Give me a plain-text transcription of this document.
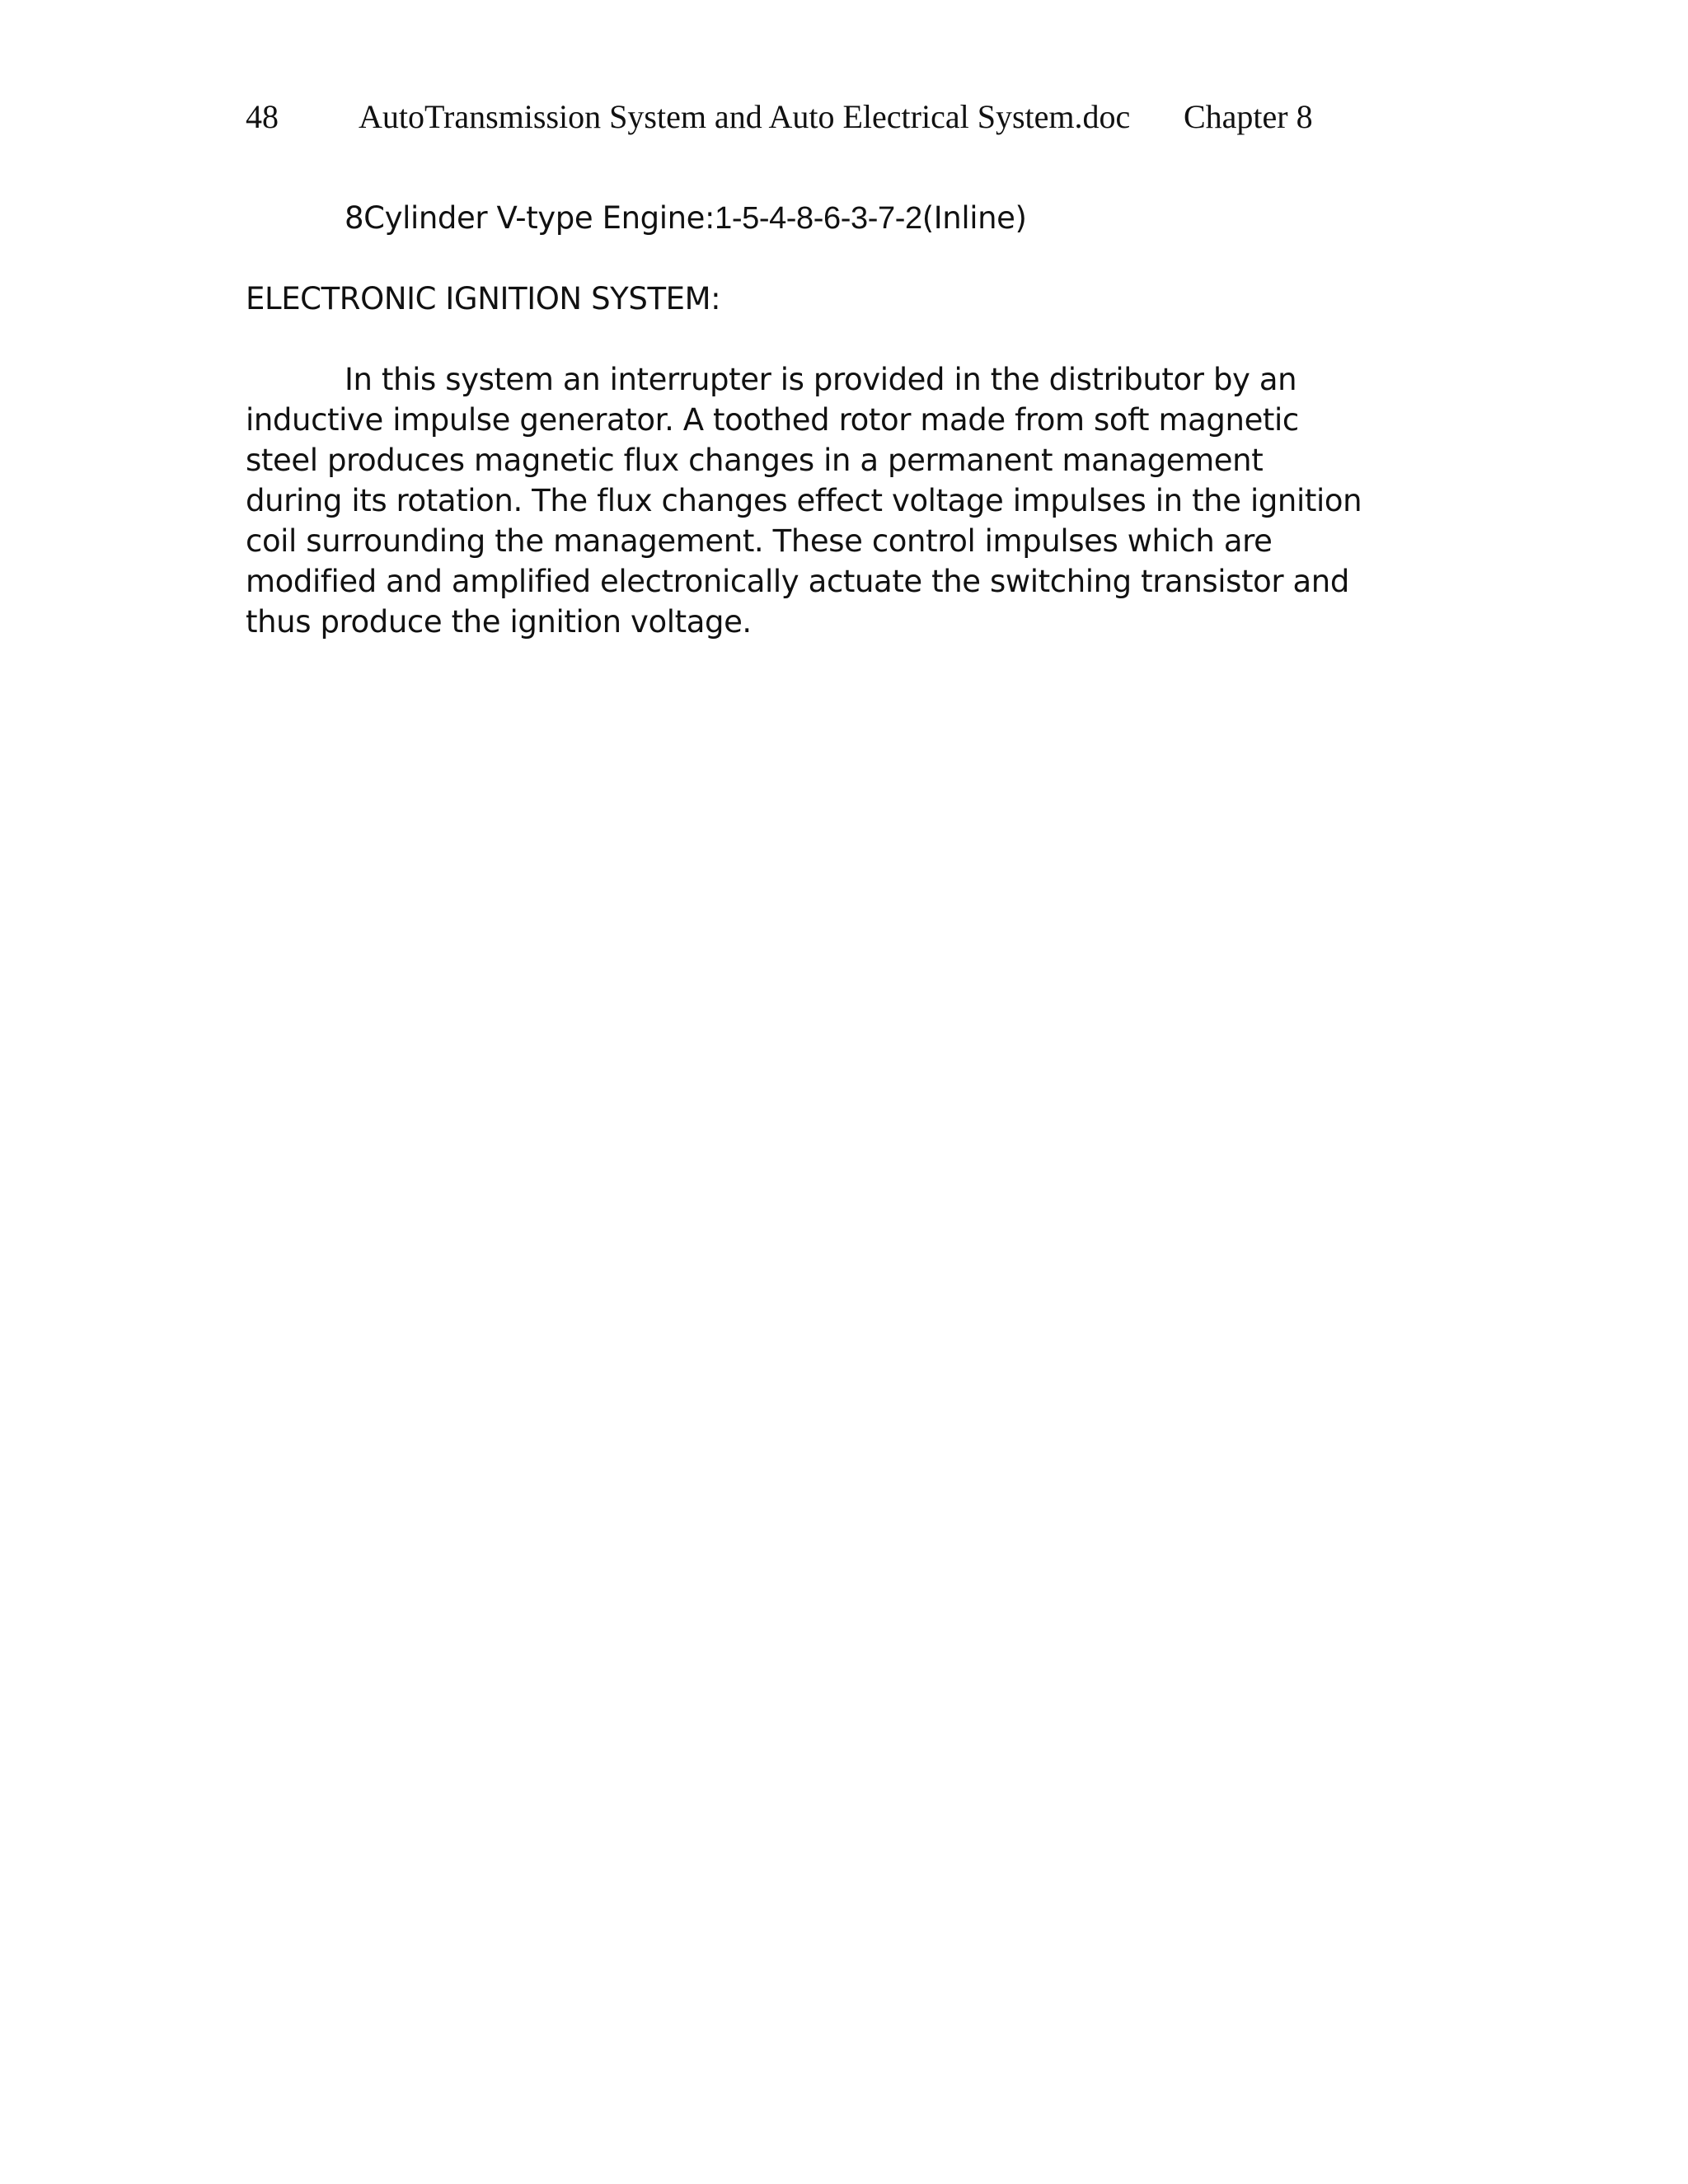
48 AutoTransmission System and Auto Electrical System.doc Chapter 8
8Cylinder V-type Engine:1-5-4-8-6-3-7-2(Inline)
ELECTRONIC IGNITION SYSTEM:
In this system an interrupter is provided in the distributor by an
inductive impulse generator. A toothed rotor made from soft magnetic
steel produces magnetic flux changes in a permanent management
during its rotation. The flux changes effect voltage impulses in the ignition
coil surrounding the management. These control impulses which are
modified and amplified electronically actuate the switching transistor and
thus produce the ignition voltage.
